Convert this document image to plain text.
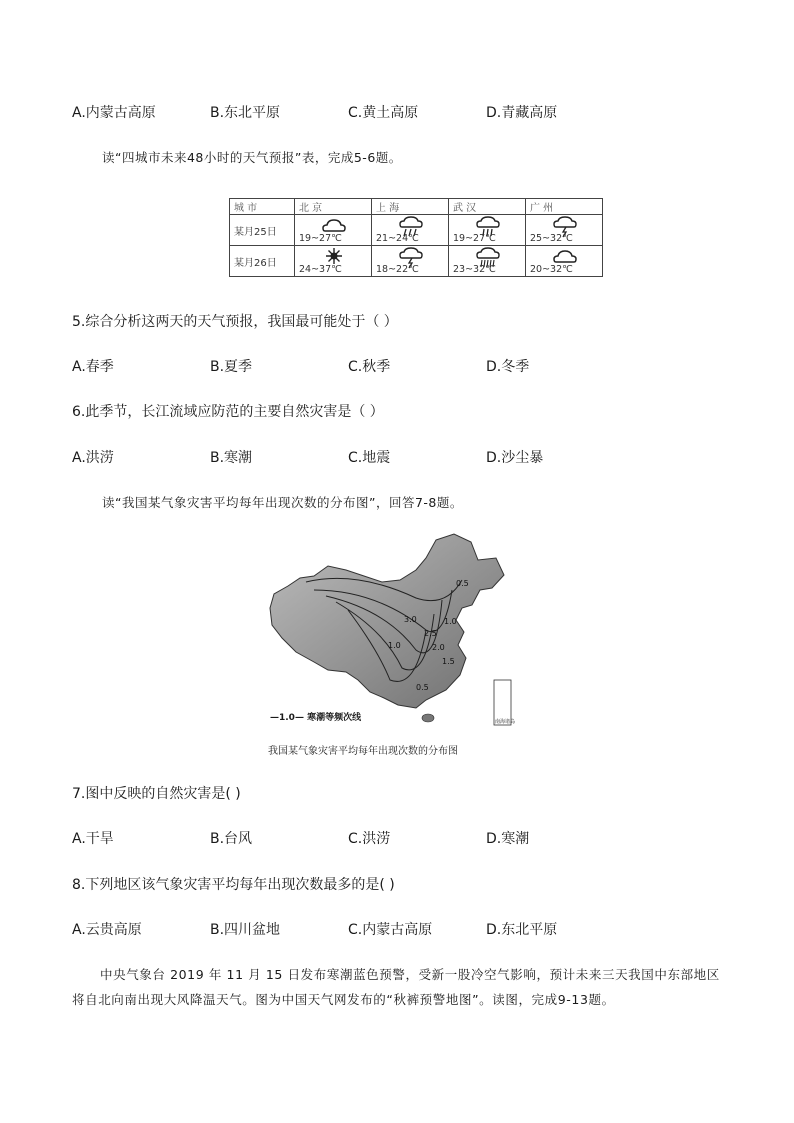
A.内蒙古高原	B.东北平原	C.黄土高原	D.青藏高原
读“四城市未来48小时的天气预报”表，完成5-6题。
城 市	北 京	上 海	武 汉	广 州
某月25日	19~27℃	21~24℃	19~27℃	25~32℃

某月26日	24~37℃	18~22℃	23~32℃	20~32℃
5.综合分析这两天的天气预报，我国最可能处于（ ）
A.春季	B.夏季	C.秋季	D.冬季
6.此季节，长江流域应防范的主要自然灾害是（ ）
A.洪涝	B.寒潮	C.地震	D.沙尘暴
读“我国某气象灾害平均每年出现次数的分布图”，回答7-8题。
南海诸岛
0.5
1.0
3.0
2.5
2.0
1.0
1.5
0.5
—1.0— 寒潮等频次线
我国某气象灾害平均每年出现次数的分布图
7.图中反映的自然灾害是( )
A.干旱	B.台风	C.洪涝	D.寒潮
8.下列地区该气象灾害平均每年出现次数最多的是( )
A.云贵高原	B.四川盆地	C.内蒙古高原	D.东北平原
中央气象台 2019 年 11 月 15 日发布寒潮蓝色预警，受新一股冷空气影响，预计未来三天我国中东部地区将自北向南出现大风降温天气。图为中国天气网发布的“秋裤预警地图”。读图，完成9-13题。
